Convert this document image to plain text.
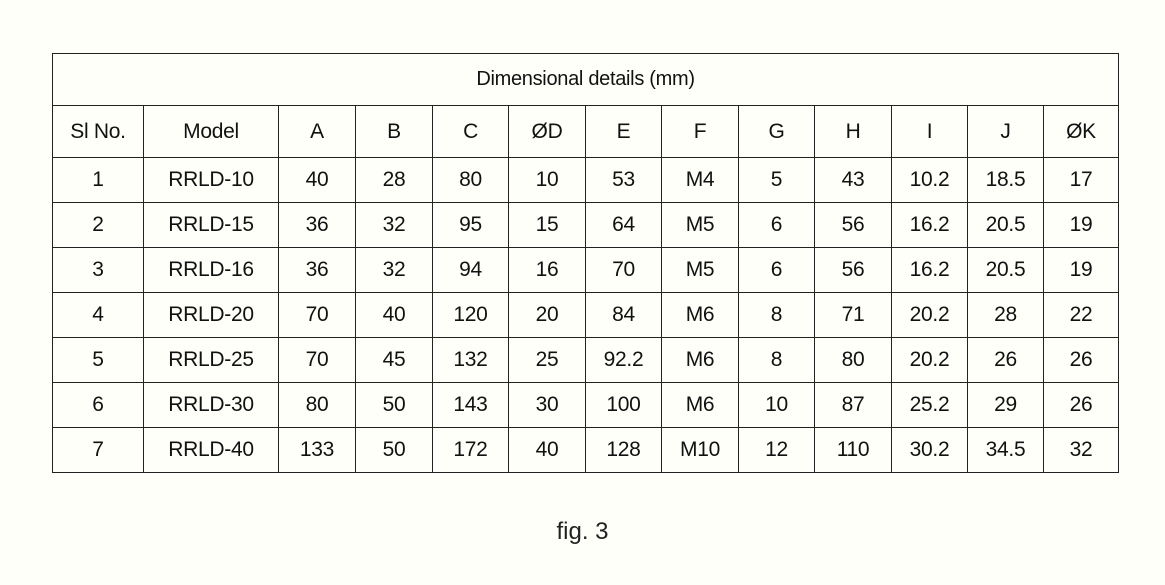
Dimensional details (mm)												
Sl No.	Model	A	B	C	ØD	E	F	G	H	I	J	ØK
1	RRLD-10	40	28	80	10	53	M4	5	43	10.2	18.5	17
2	RRLD-15	36	32	95	15	64	M5	6	56	16.2	20.5	19
3	RRLD-16	36	32	94	16	70	M5	6	56	16.2	20.5	19
4	RRLD-20	70	40	120	20	84	M6	8	71	20.2	28	22
5	RRLD-25	70	45	132	25	92.2	M6	8	80	20.2	26	26
6	RRLD-30	80	50	143	30	100	M6	10	87	25.2	29	26
7	RRLD-40	133	50	172	40	128	M10	12	110	30.2	34.5	32
fig. 3
